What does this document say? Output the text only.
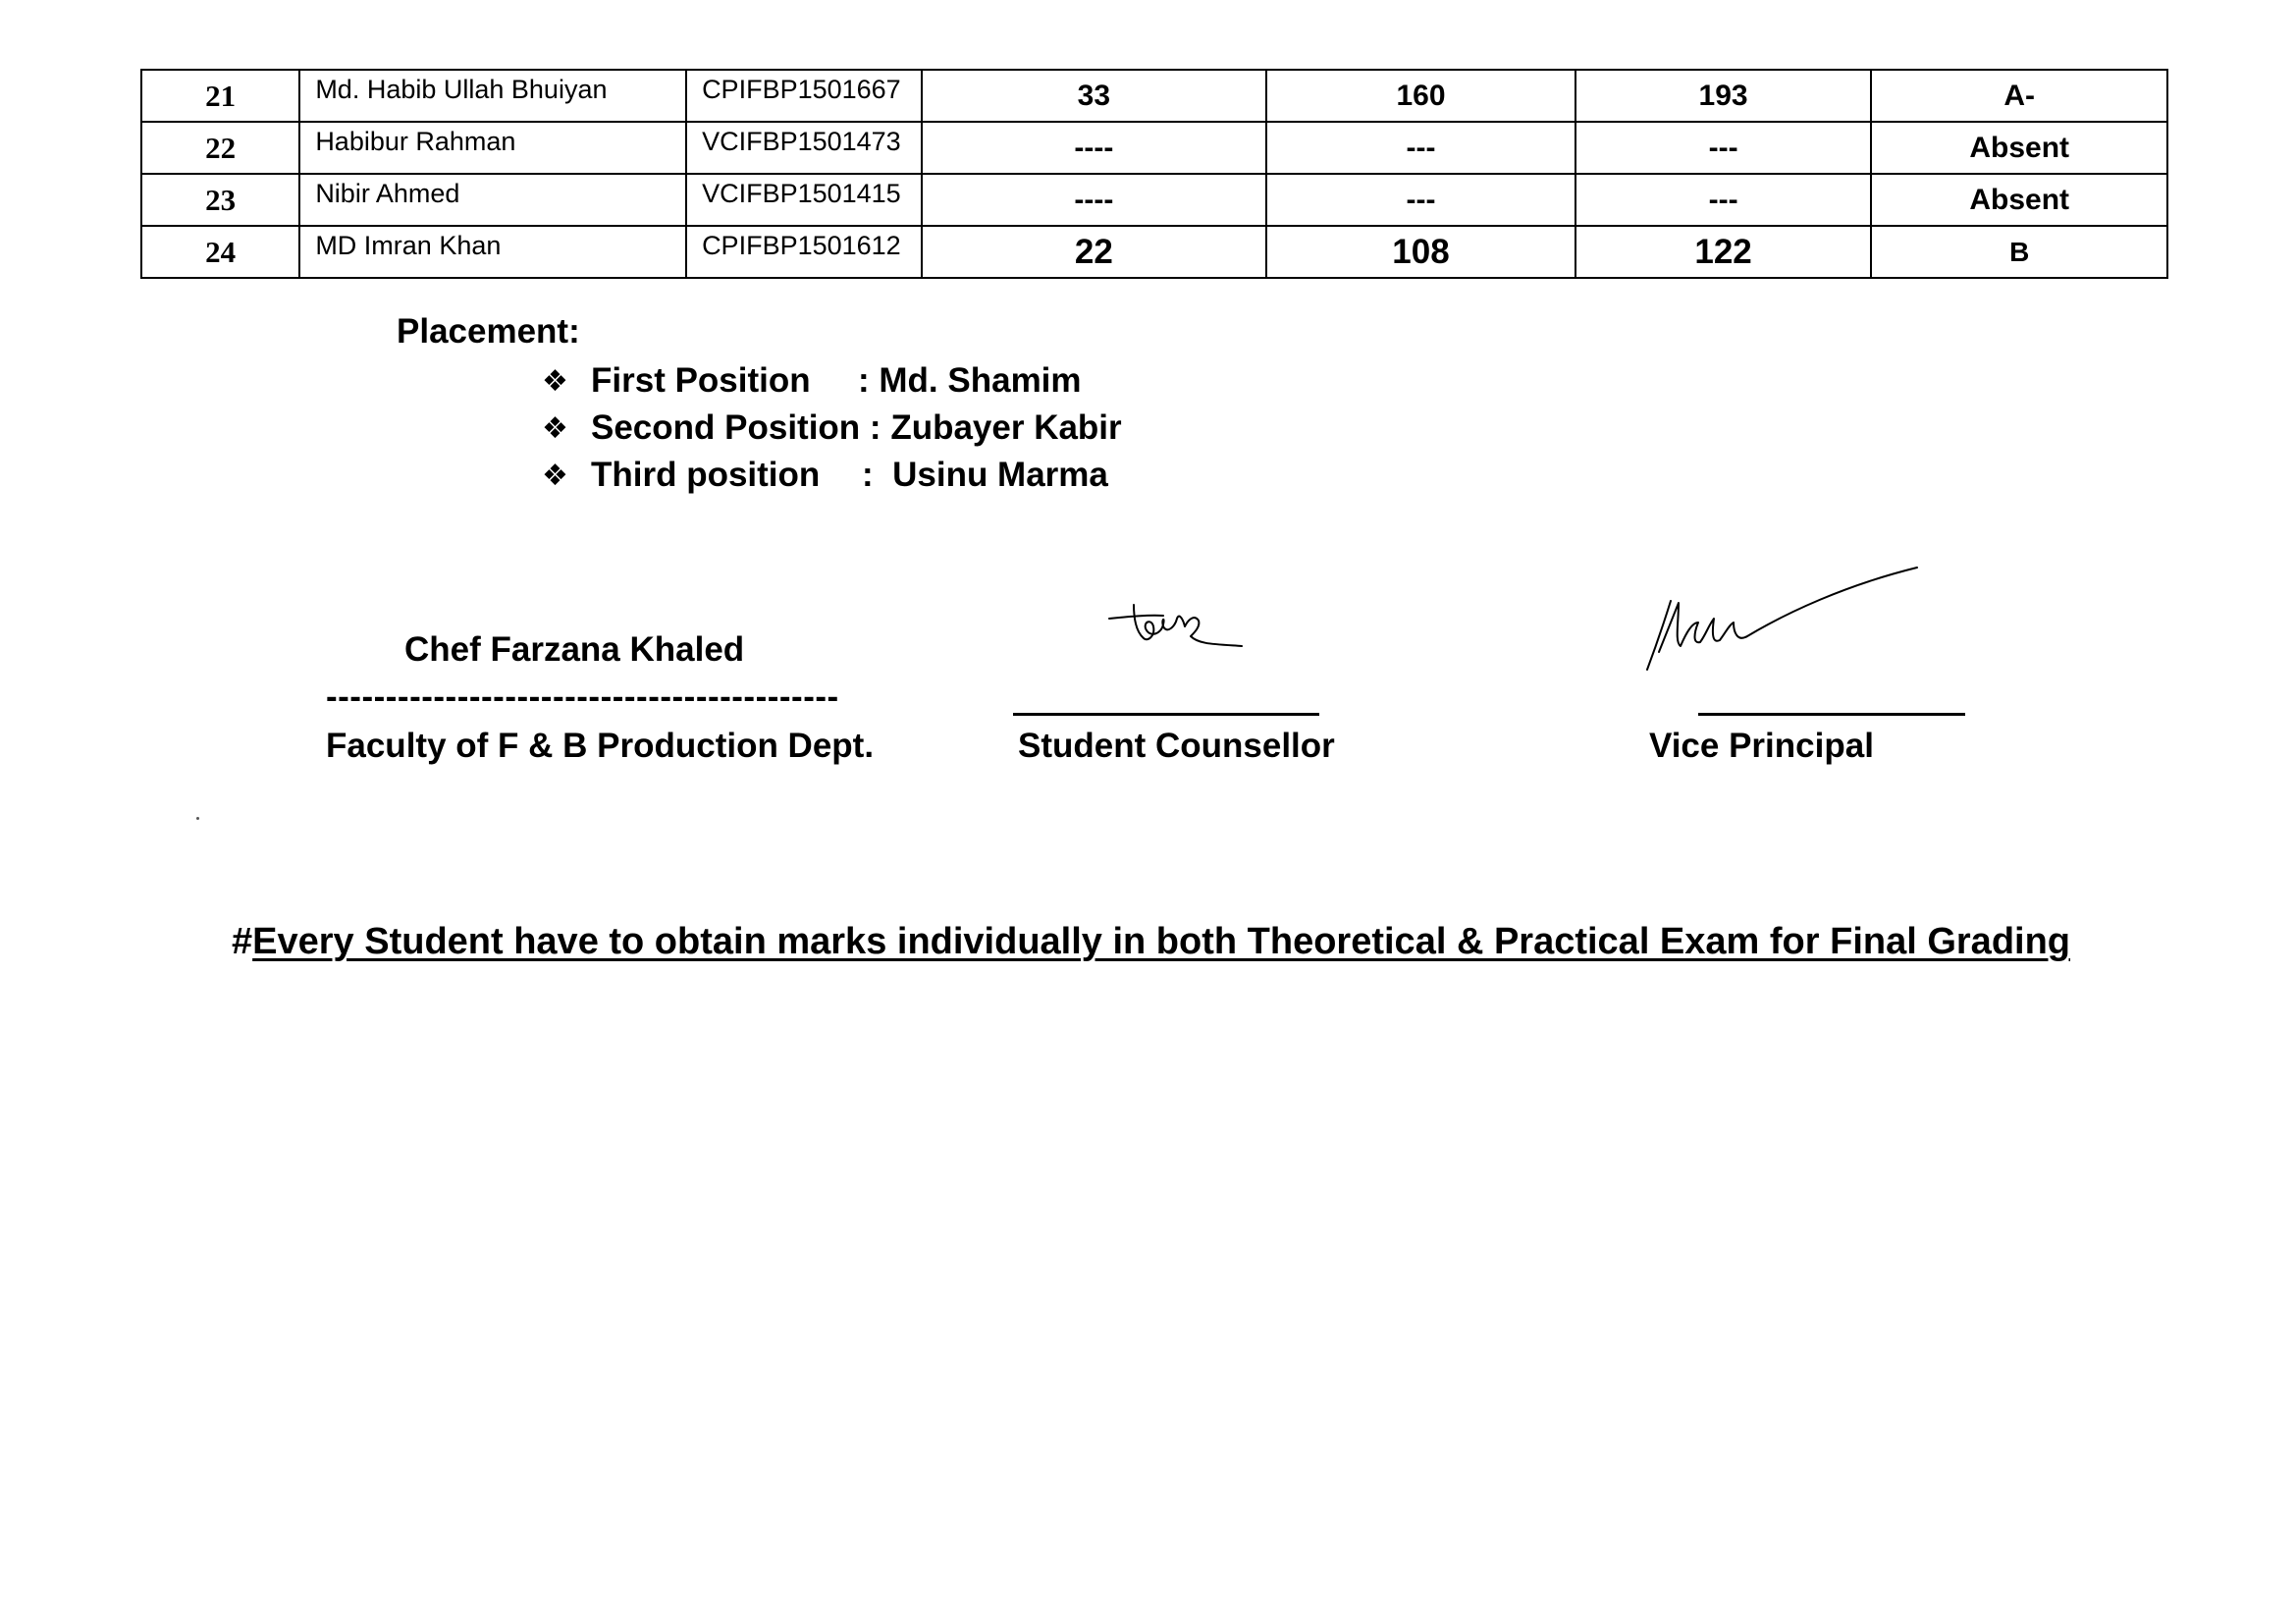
21	Md. Habib Ullah Bhuiyan	CPIFBP1501667	33	160	193	A-
22	Habibur Rahman	VCIFBP1501473	----	---	---	Absent
23	Nibir Ahmed	VCIFBP1501415	----	---	---	Absent
24	MD Imran Khan	CPIFBP1501612	22	108	122	B
Placement:
❖ First Position	: Md. Shamim
❖ Second Position : Zubayer Kabir
❖ Third position	: Usinu Marma
Chef Farzana Khaled
-------------------------------------------
Faculty of F & B Production Dept.	Student Counsellor	Vice Principal
#Every Student have to obtain marks individually in both Theoretical & Practical Exam for Final Grading
